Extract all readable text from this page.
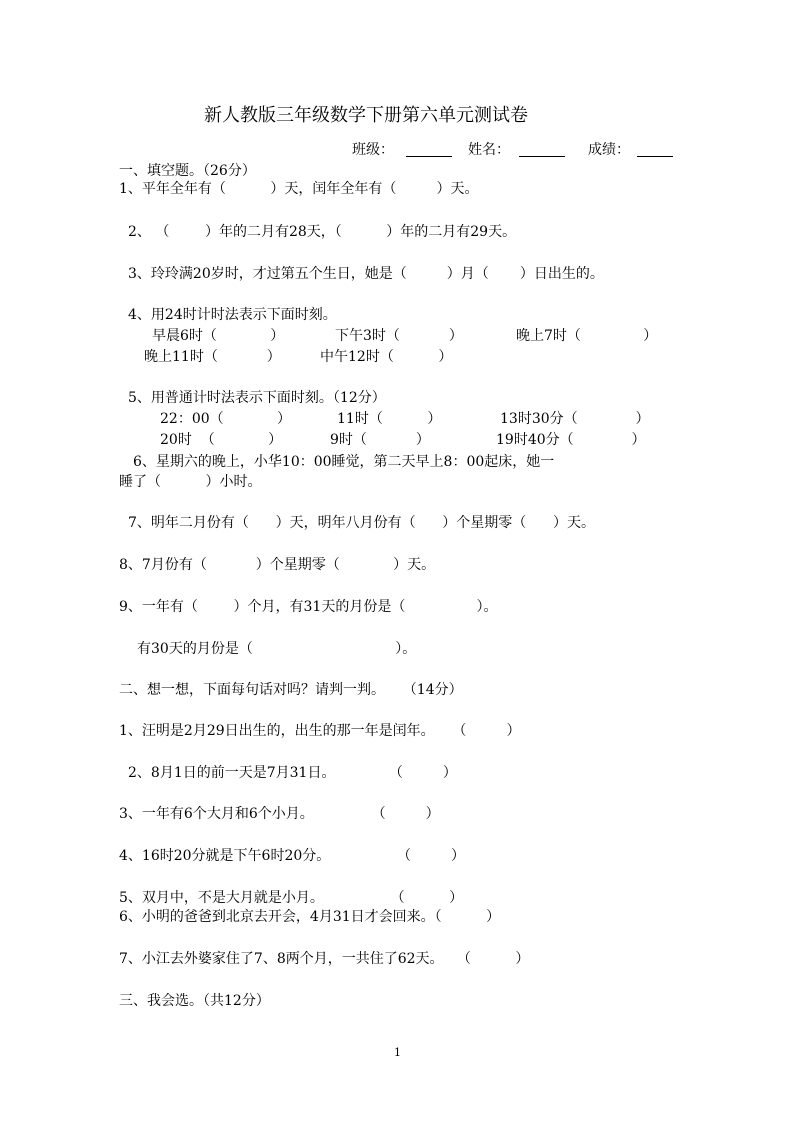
新人教版三年级数学下册第六单元测试卷
班级：	姓名：	成绩：
一、填空题。（26分）
1、平年全年有（          ）天，闰年全年有（         ）天。
2、 （        ）年的二月有28天，（          ）年的二月有29天。
3、玲玲满20岁时，才过第五个生日，她是（         ）月（       ）日出生的。
4、用24时计时法表示下面时刻。
早晨6时（            ）	下午3时（           ）	晚上7时（              ）
晚上11时（           ）	中午12时（          ）
5、用普通计时法表示下面时刻。（12分）
22：00（            ）	11时（          ）	13时30分（             ）
20时  （            ）	9时（           ）	19时40分（             ）
6、星期六的晚上，小华10：00睡觉，第二天早上8：00起床，她一
睡了（          ）小时。
7、明年二月份有（      ）天，明年八月份有（      ）个星期零（      ）天。
8、7月份有（           ）个星期零（            ）天。
9、一年有（        ）个月，有31天的月份是（                ）。
有30天的月份是（                                ）。
二、想一想，下面每句话对吗？请判一判。    （14分）
1、汪明是2月29日出生的，出生的那一年是闰年。    （         ）
2、8月1日的前一天是7月31日。            （         ）
3、一年有6个大月和6个小月。             （         ）
4、16时20分就是下午6时20分。               （         ）
5、双月中，不是大月就是小月。               （          ）
6、小明的爸爸到北京去开会，4月31日才会回来。（          ）
7、小江去外婆家住了7、8两个月，一共住了62天。   （          ）
三、我会选。（共12分）
1
